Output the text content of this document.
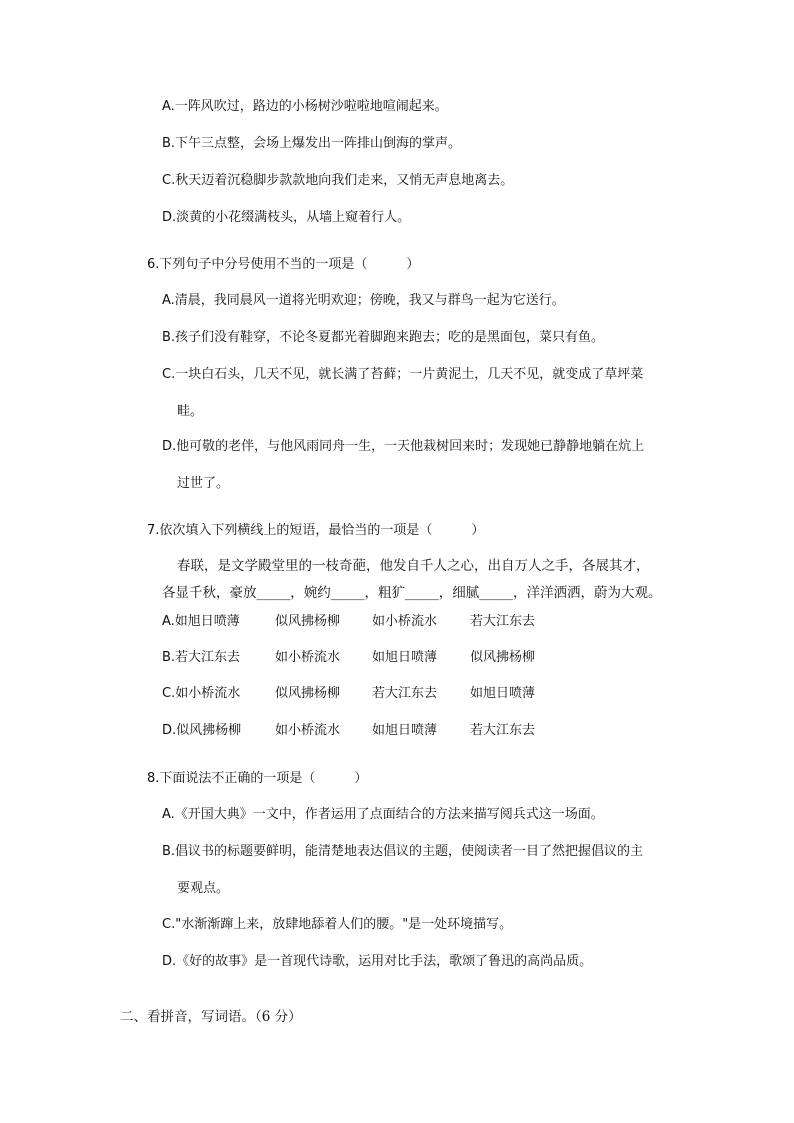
A.一阵风吹过，路边的小杨树沙啦啦地喧闹起来。
B.下午三点整，会场上爆发出一阵排山倒海的掌声。
C.秋天迈着沉稳脚步款款地向我们走来，又悄无声息地离去。
D.淡黄的小花缀满枝头，从墙上窥着行人。
6.下列句子中分号使用不当的一项是（　　　）
A.清晨，我同晨风一道将光明欢迎；傍晚，我又与群鸟一起为它送行。
B.孩子们没有鞋穿，不论冬夏都光着脚跑来跑去；吃的是黑面包，菜只有鱼。
C.一块白石头，几天不见，就长满了苔藓；一片黄泥土，几天不见，就变成了草坪菜
畦。
D.他可敬的老伴，与他风雨同舟一生，一天他栽树回来时；发现她已静静地躺在炕上
过世了。
7.依次填入下列横线上的短语，最恰当的一项是（　　　）
春联，是文学殿堂里的一枝奇葩，他发自千人之心，出自万人之手，各展其才，
各显千秋，豪放_____，婉约_____，粗犷_____，细腻_____，洋洋洒洒，蔚为大观。
A.如旭日喷薄	似风拂杨柳 如小桥流水	若大江东去
B.若大江东去	如小桥流水 如旭日喷薄	似风拂杨柳
C.如小桥流水	似风拂杨柳 若大江东去	如旭日喷薄
D.似风拂杨柳	如小桥流水 如旭日喷薄	若大江东去
8.下面说法不正确的一项是（　　　）
A.《开国大典》一文中，作者运用了点面结合的方法来描写阅兵式这一场面。
B.倡议书的标题要鲜明，能清楚地表达倡议的主题，使阅读者一目了然把握倡议的主
要观点。
C."水渐渐蹿上来，放肆地舔着人们的腰。"是一处环境描写。
D.《好的故事》是一首现代诗歌，运用对比手法，歌颂了鲁迅的高尚品质。
二、看拼音，写词语。（6 分）
